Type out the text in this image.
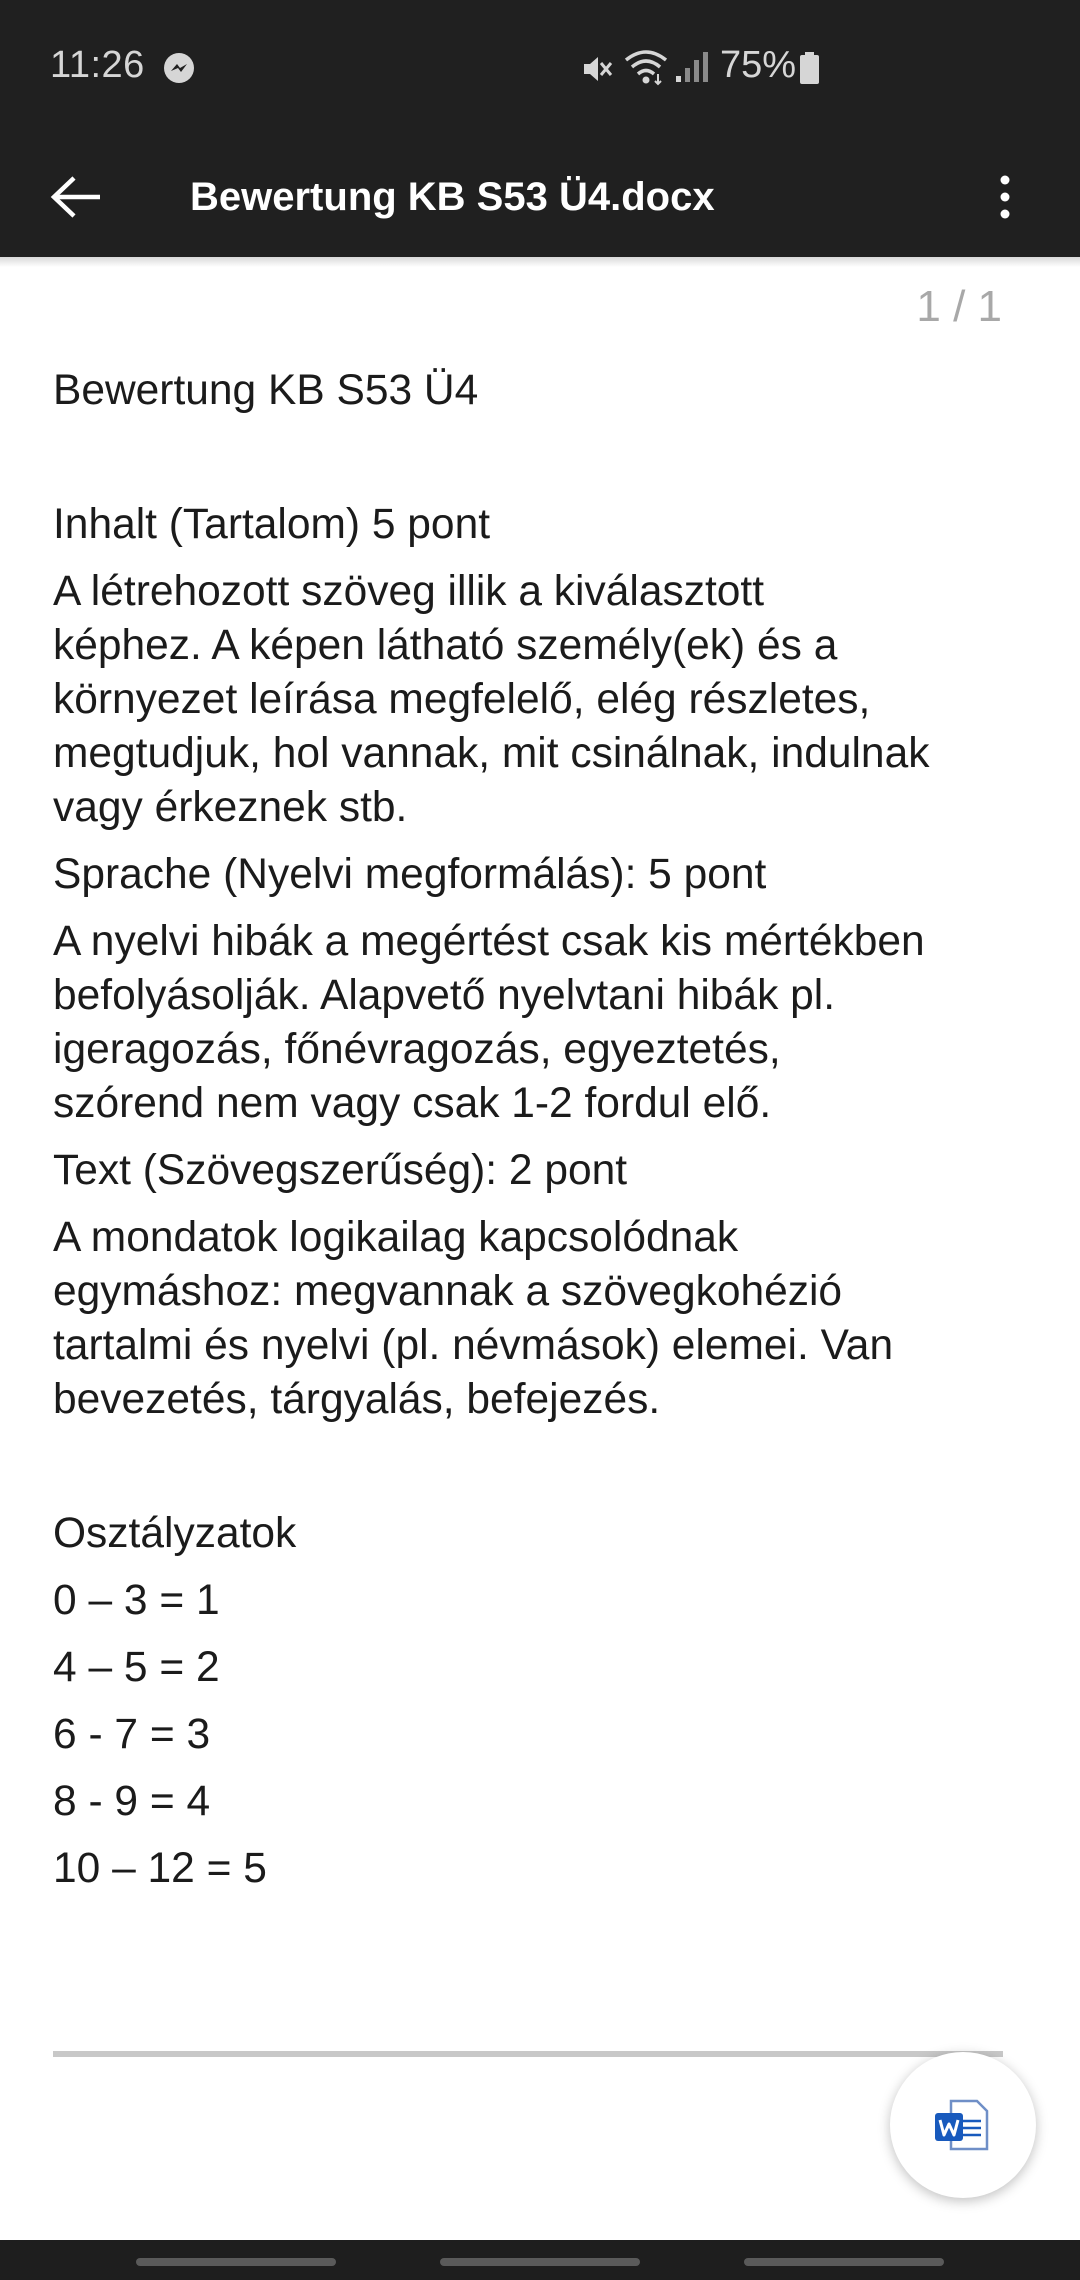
11:26	75%
Bewertung KB S53 Ü4.docx
1 / 1
Bewertung KB S53 Ü4
Inhalt (Tartalom) 5 pont
A létrehozott szöveg illik a kiválasztott
képhez. A képen látható személy(ek) és a
környezet leírása megfelelő, elég részletes,
megtudjuk, hol vannak, mit csinálnak, indulnak
vagy érkeznek stb.
Sprache (Nyelvi megformálás): 5 pont
A nyelvi hibák a megértést csak kis mértékben
befolyásolják. Alapvető nyelvtani hibák pl.
igeragozás, főnévragozás, egyeztetés,
szórend nem vagy csak 1-2 fordul elő.
Text (Szövegszerűség): 2 pont
A mondatok logikailag kapcsolódnak
egymáshoz: megvannak a szövegkohézió
tartalmi és nyelvi (pl. névmások) elemei. Van
bevezetés, tárgyalás, befejezés.
Osztályzatok
0 – 3 = 1
4 – 5 = 2
6 - 7 = 3
8 - 9 = 4
10 – 12 = 5
